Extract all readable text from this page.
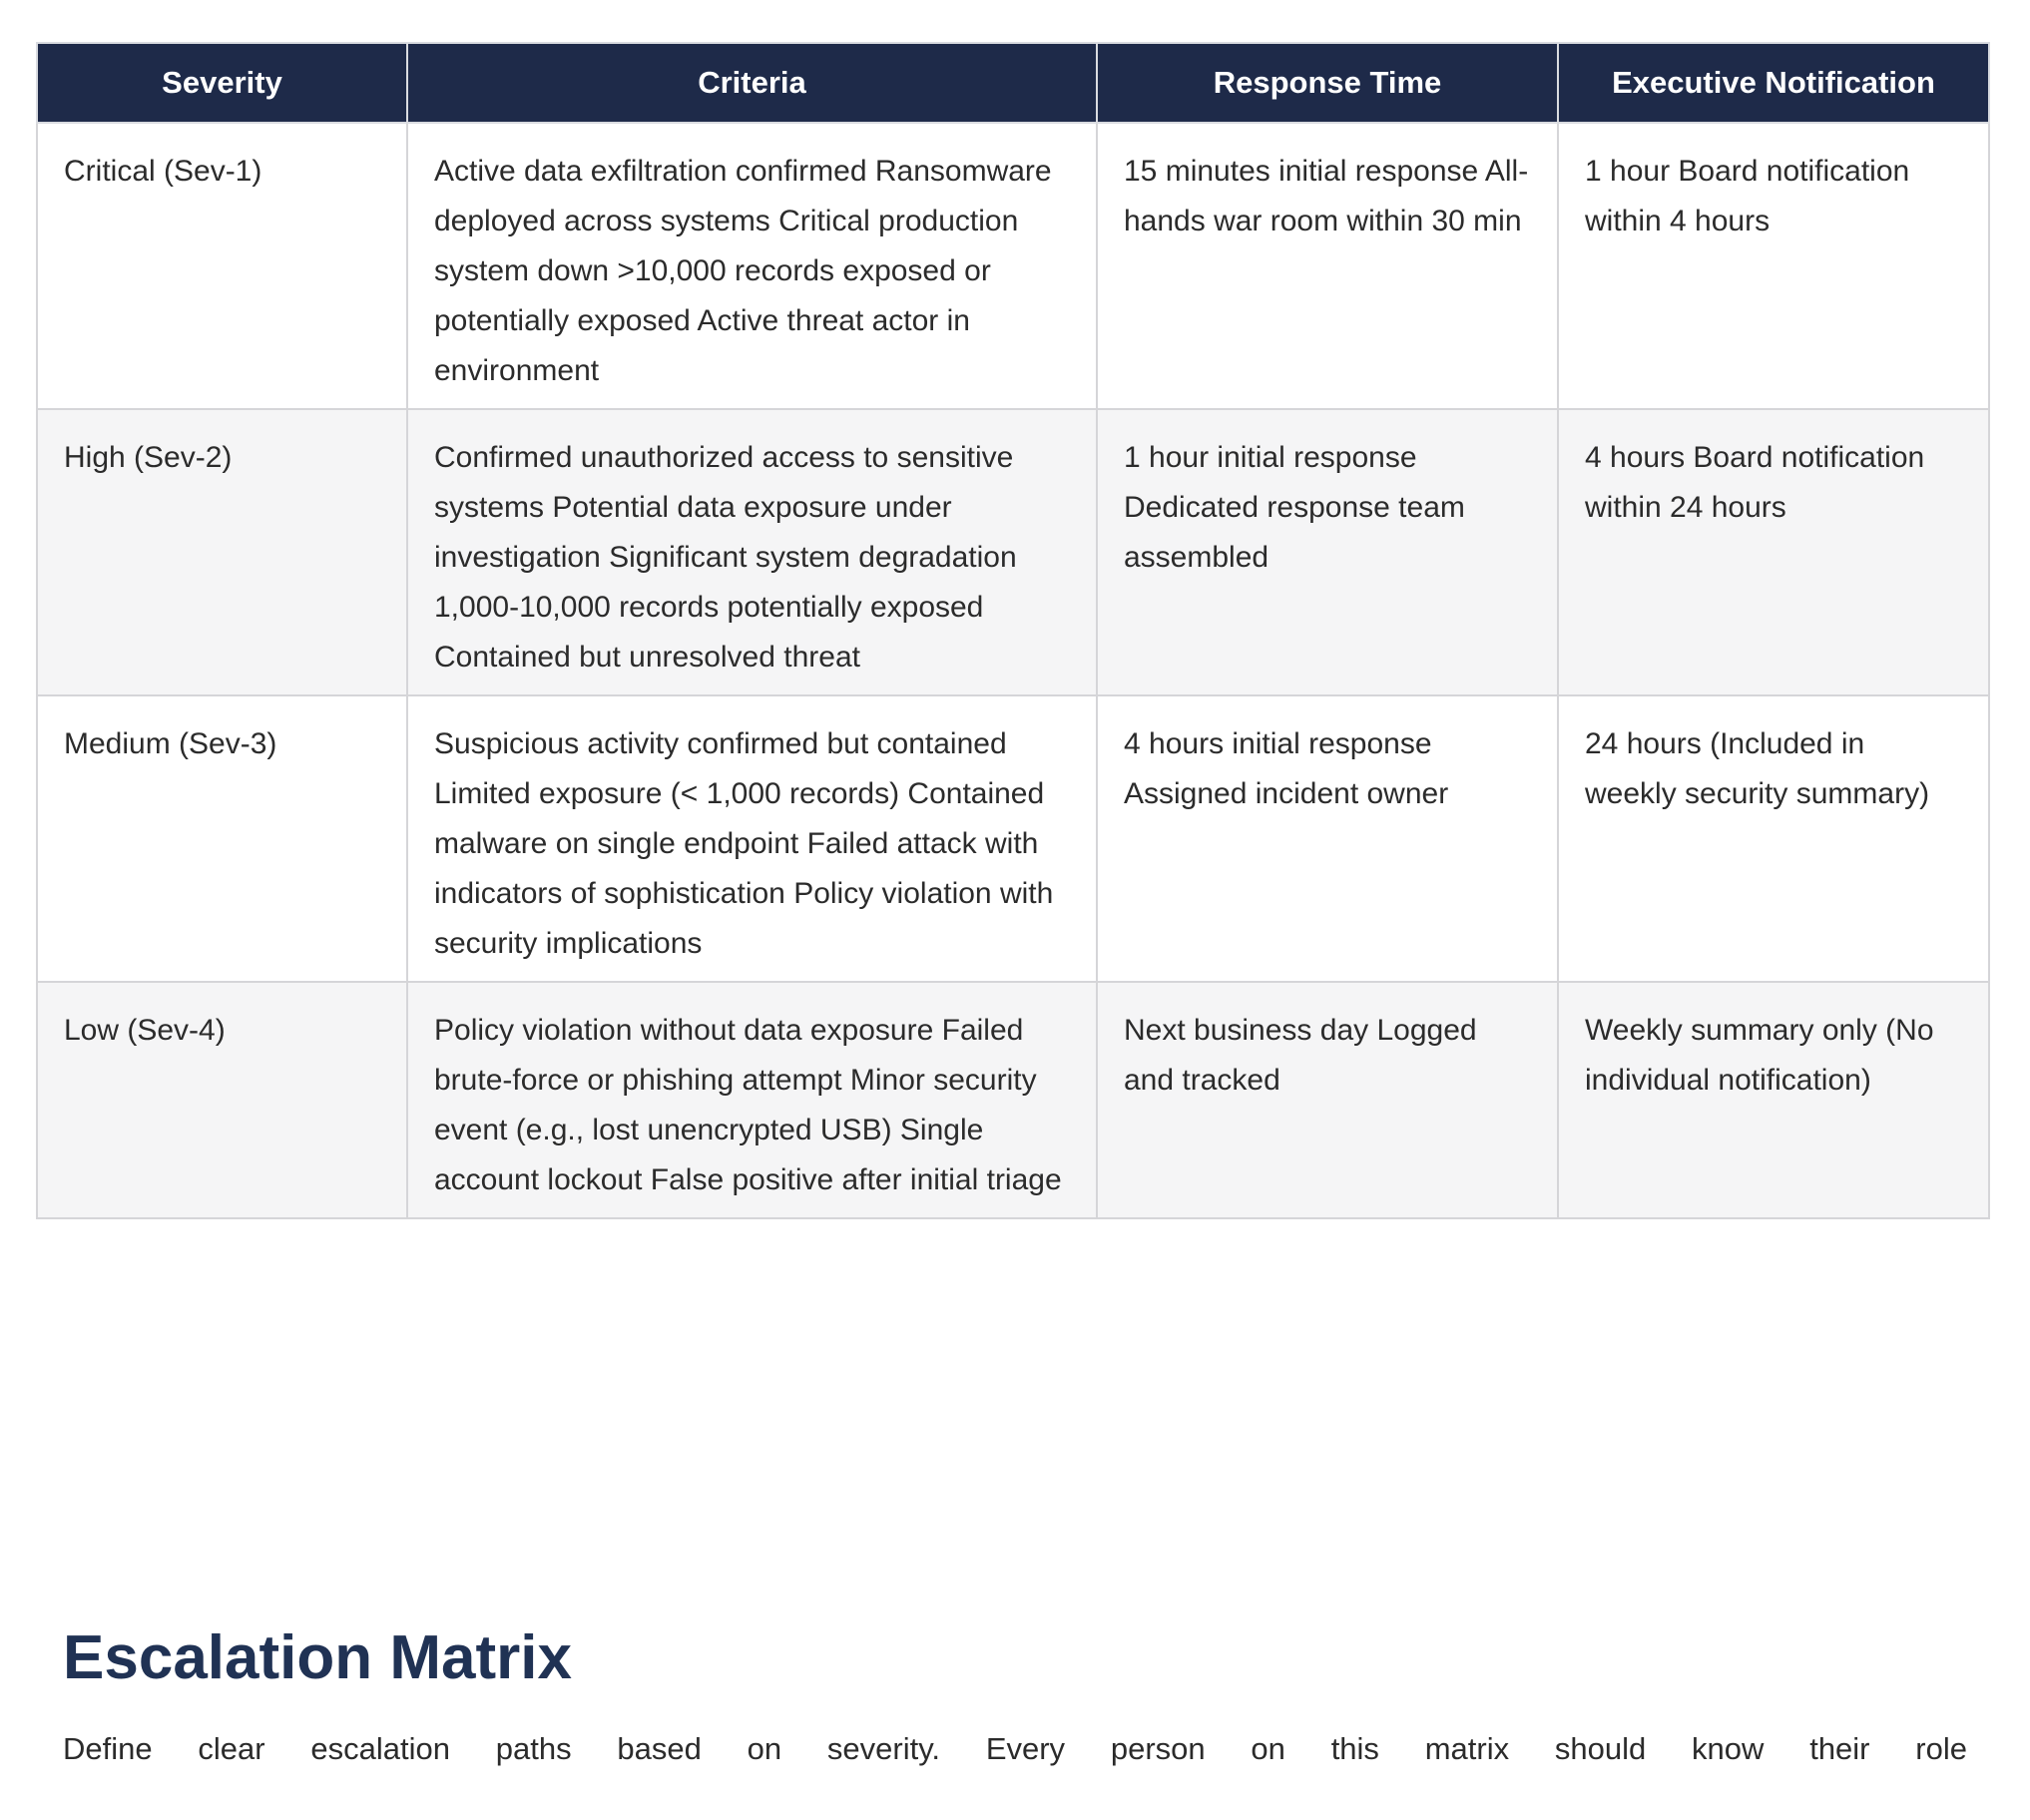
Severity	Criteria	Response Time	Executive Notification
Critical (Sev-1)	Active data exfiltration confirmed Ransomware deployed across systems Critical production system down >10,000 records exposed or potentially exposed Active threat actor in environment	15 minutes initial response All-hands war room within 30 min	1 hour Board notification within 4 hours
High (Sev-2)	Confirmed unauthorized access to sensitive systems Potential data exposure under investigation Significant system degradation 1,000-10,000 records potentially exposed Contained but unresolved threat	1 hour initial response Dedicated response team assembled	4 hours Board notification within 24 hours
Medium (Sev-3)	Suspicious activity confirmed but contained Limited exposure (< 1,000 records) Contained malware on single endpoint Failed attack with indicators of sophistication Policy violation with security implications	4 hours initial response Assigned incident owner	24 hours (Included in weekly security summary)
Low (Sev-4)	Policy violation without data exposure Failed brute-force or phishing attempt Minor security event (e.g., lost unencrypted USB) Single account lockout False positive after initial triage	Next business day Logged and tracked	Weekly summary only (No individual notification)
Escalation Matrix

Define clear escalation paths based on severity. Every person on this matrix should know their role
